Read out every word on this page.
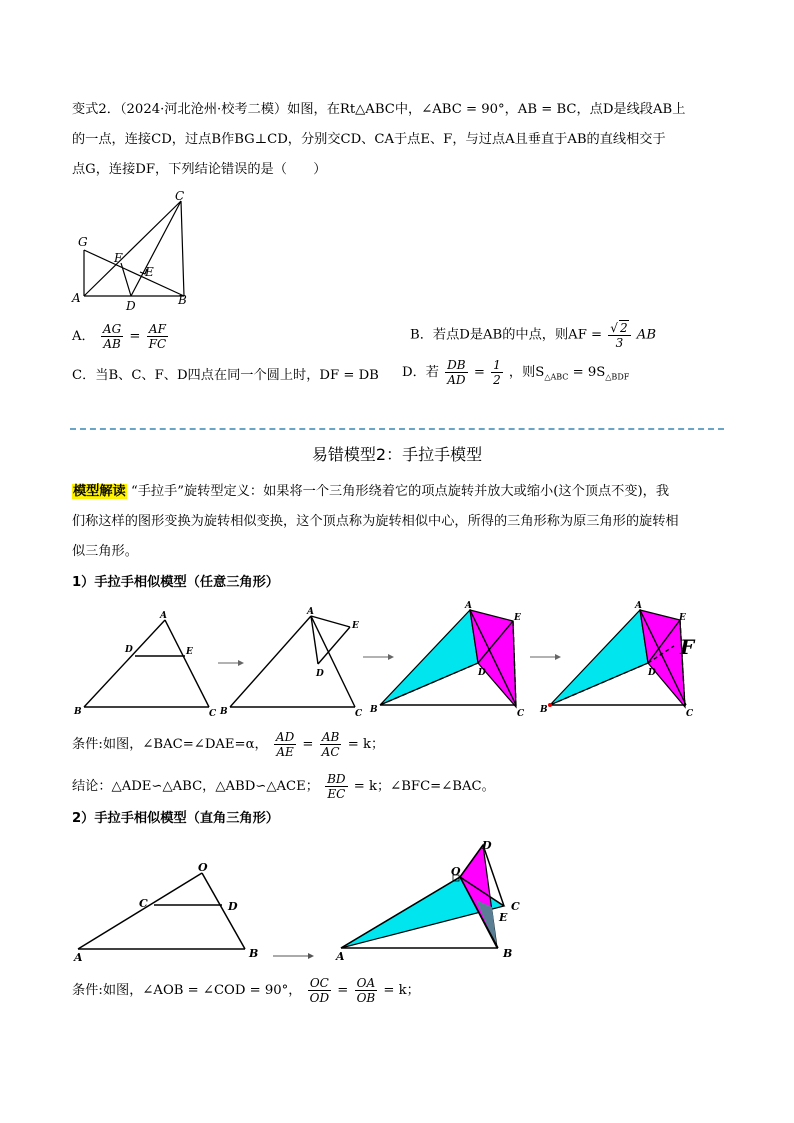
变式2．（2024·河北沧州·校考二模）如图，在Rt△ABC中，∠ABC = 90°，AB = BC，点D是线段AB上
的一点，连接CD，过点B作BG⊥CD，分别交CD、CA于点E、F，与过点A且垂直于AB的直线相交于
点G，连接DF，下列结论错误的是（　　）
C
G
F
E
A
D	B
A． $\frac{AG}{AB} = \frac{AF}{FC}$	B．若点D是AB的中点，则AF = $\frac{√ 2}{3}$ AB
C．当B、C、F、D四点在同一个圆上时，DF = DB D．若 $\frac{DB}{AD} = \frac{1}{2}$ ，则$S_{\triangle ABC} = 9S_{\triangle BDF}$
易错模型2：手拉手模型
模型解读 “手拉手”旋转型定义：如果将一个三角形绕着它的项点旋转并放大或缩小(这个顶点不变)，我
们称这样的图形变换为旋转相似变换，这个顶点称为旋转相似中心，所得的三角形称为原三角形的旋转相
似三角形。
1）手拉手相似模型（任意三角形）
A
D	E
B	C
A
E
D
B	C
A
E
D
B	C
A
E
D
F
B	C
条件:如图，∠BAC=∠DAE=α， $\frac{AD}{AE} = \frac{AB}{AC} = k$；
结论：△ADE∽△ABC，△ABD∽△ACE； $\frac{BD}{EC} = k$；∠BFC=∠BAC。
2）手拉手相似模型（直角三角形）
O
C	D
A	B
O
D
C
E
A	B
条件:如图，∠AOB = ∠COD = 90°， $\frac{OC}{OD} = \frac{OA}{OB} = k$；
